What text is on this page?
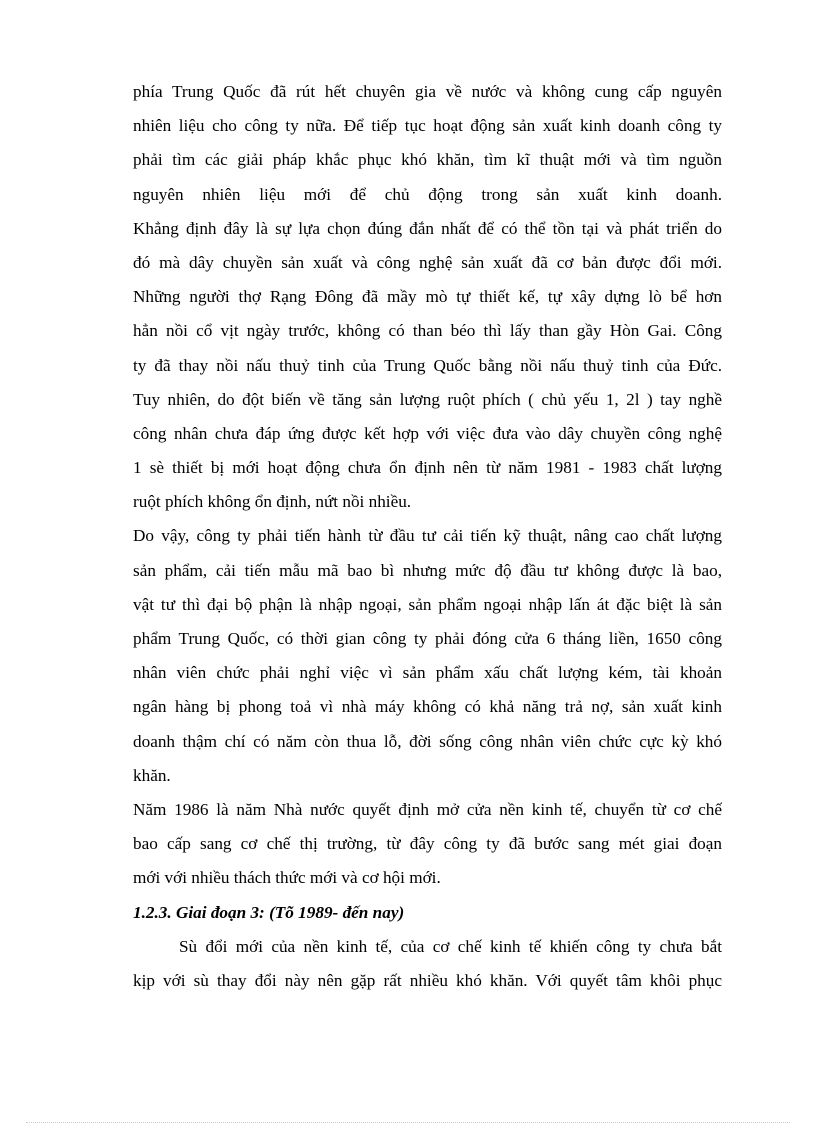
phía Trung Quốc đã rút hết chuyên gia về nước và không cung cấp nguyên
nhiên liệu cho công ty nữa. Để tiếp tục hoạt động sản xuất kinh doanh công ty
phải tìm các giải pháp khắc phục khó khăn, tìm kĩ thuật mới và tìm nguồn
nguyên nhiên liệu mới để chủ động trong sản xuất kinh doanh.
Khẳng định đây là sự lựa chọn đúng đắn nhất để có thể tồn tại và phát triển do
đó mà dây chuyền sản xuất và công nghệ sản xuất đã cơ bản được đổi mới.
Những người thợ Rạng Đông đã mầy mò tự thiết kế, tự xây dựng lò bể hơn
hẳn nồi cổ vịt ngày trước, không có than béo thì lấy than gầy Hòn Gai. Công
ty đã thay nồi nấu thuỷ tinh của Trung Quốc bằng nồi nấu thuỷ tinh của Đức.
Tuy nhiên, do đột biến về tăng sản lượng ruột phích ( chủ yếu 1, 2l ) tay nghề
công nhân chưa đáp ứng được kết hợp với việc đưa vào dây chuyền công nghệ
1 sè thiết bị mới hoạt động chưa ổn định nên từ năm 1981 - 1983 chất lượng
ruột phích không ổn định, nứt nồi nhiều.
Do vậy, công ty phải tiến hành từ đầu tư cải tiến kỹ thuật, nâng cao chất lượng
sản phẩm, cải tiến mẫu mã bao bì nhưng mức độ đầu tư không được là bao,
vật tư thì đại bộ phận là nhập ngoại, sản phẩm ngoại nhập lấn át đặc biệt là sản
phẩm Trung Quốc, có thời gian công ty phải đóng cửa 6 tháng liền, 1650 công
nhân viên chức phải nghỉ việc vì sản phẩm xấu chất lượng kém, tài khoản
ngân hàng bị phong toả vì nhà máy không có khả năng trả nợ, sản xuất kinh
doanh thậm chí có năm còn thua lỗ, đời sống công nhân viên chức cực kỳ khó
khăn.
Năm 1986 là năm Nhà nước quyết định mở cửa nền kinh tế, chuyển từ cơ chế
bao cấp sang cơ chế thị trường, từ đây công ty đã bước sang mét giai đoạn
mới với nhiều thách thức mới và cơ hội mới.
1.2.3. Giai đoạn 3: (Tõ 1989- đến nay)
Sù đổi mới của nền kinh tế, của cơ chế kinh tế khiến công ty chưa bắt
kịp với sù thay đổi này nên gặp rất nhiều khó khăn. Với quyết tâm khôi phục
